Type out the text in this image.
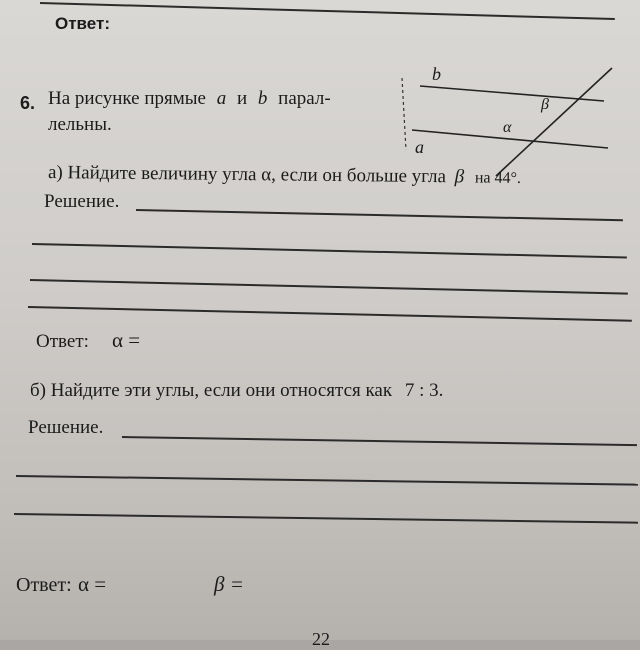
Ответ:
6. На рисунке прямые a и b парал-
лельны.
b
a
β
α
а) Найдите величину угла α, если он больше угла β на 44°.
Решение.
Ответ: α =
б) Найдите эти углы, если они относятся как 7 : 3.
Решение.
Ответ: α =	β =
22
